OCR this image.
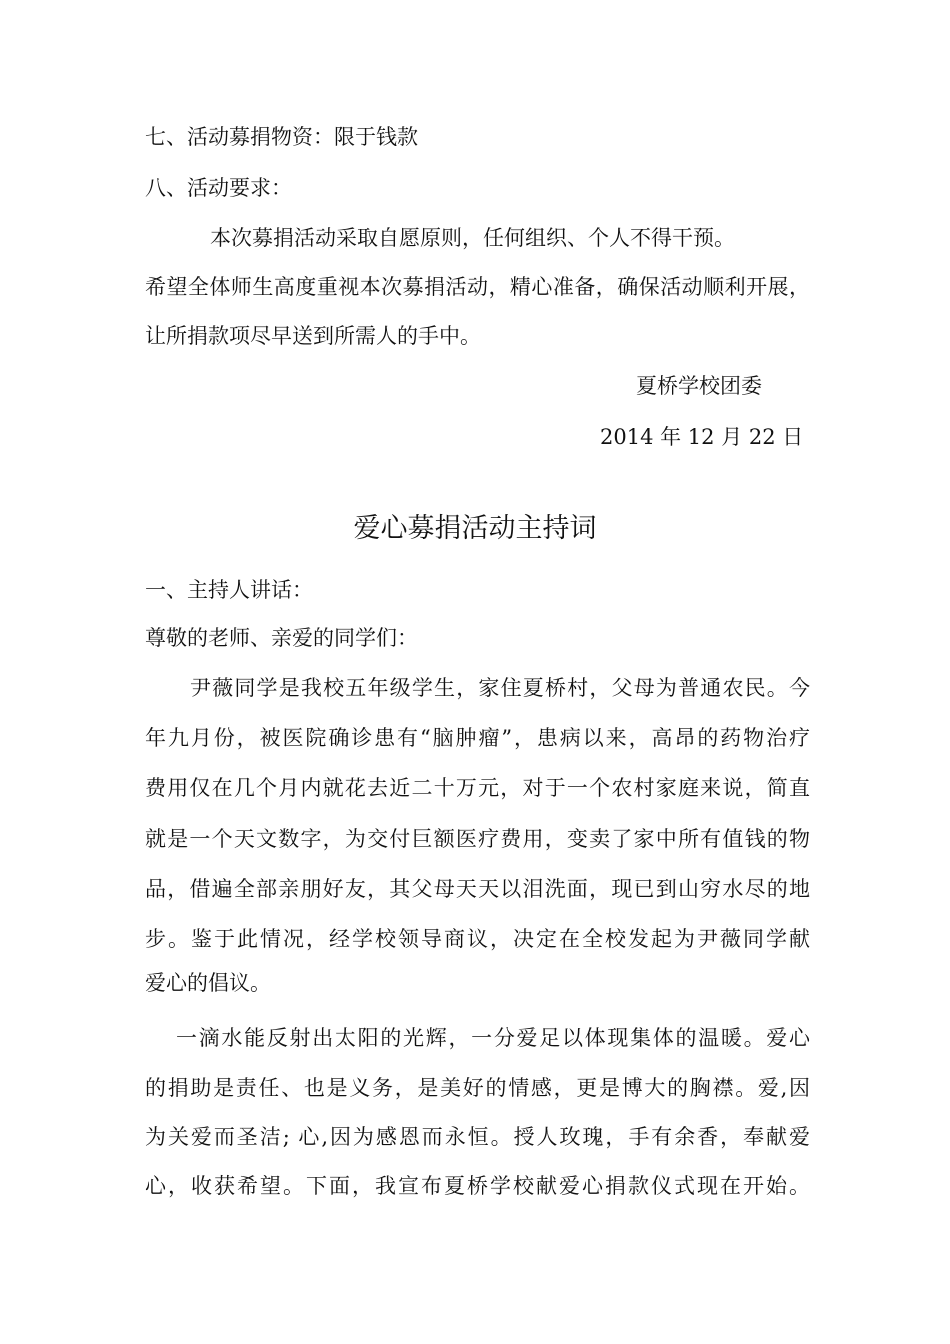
七、活动募捐物资：限于钱款
八、活动要求：
本次募捐活动采取自愿原则，任何组织、个人不得干预。
希望全体师生高度重视本次募捐活动，精心准备，确保活动顺利开展，
让所捐款项尽早送到所需人的手中。
夏桥学校团委
2014 年 12 月 22 日
爱心募捐活动主持词
一、主持人讲话：
尊敬的老师、亲爱的同学们：
尹薇同学是我校五年级学生，家住夏桥村，父母为普通农民。今
年九月份，被医院确诊患有“脑肿瘤”，患病以来，高昂的药物治疗
费用仅在几个月内就花去近二十万元，对于一个农村家庭来说，简直
就是一个天文数字，为交付巨额医疗费用，变卖了家中所有值钱的物
品，借遍全部亲朋好友，其父母天天以泪洗面，现已到山穷水尽的地
步。鉴于此情况，经学校领导商议，决定在全校发起为尹薇同学献
爱心的倡议。
一滴水能反射出太阳的光辉，一分爱足以体现集体的温暖。爱心
的捐助是责任、也是义务，是美好的情感，更是博大的胸襟。爱,因
为关爱而圣洁; 心,因为感恩而永恒。授人玫瑰，手有余香，奉献爱
心，收获希望。下面，我宣布夏桥学校献爱心捐款仪式现在开始。
